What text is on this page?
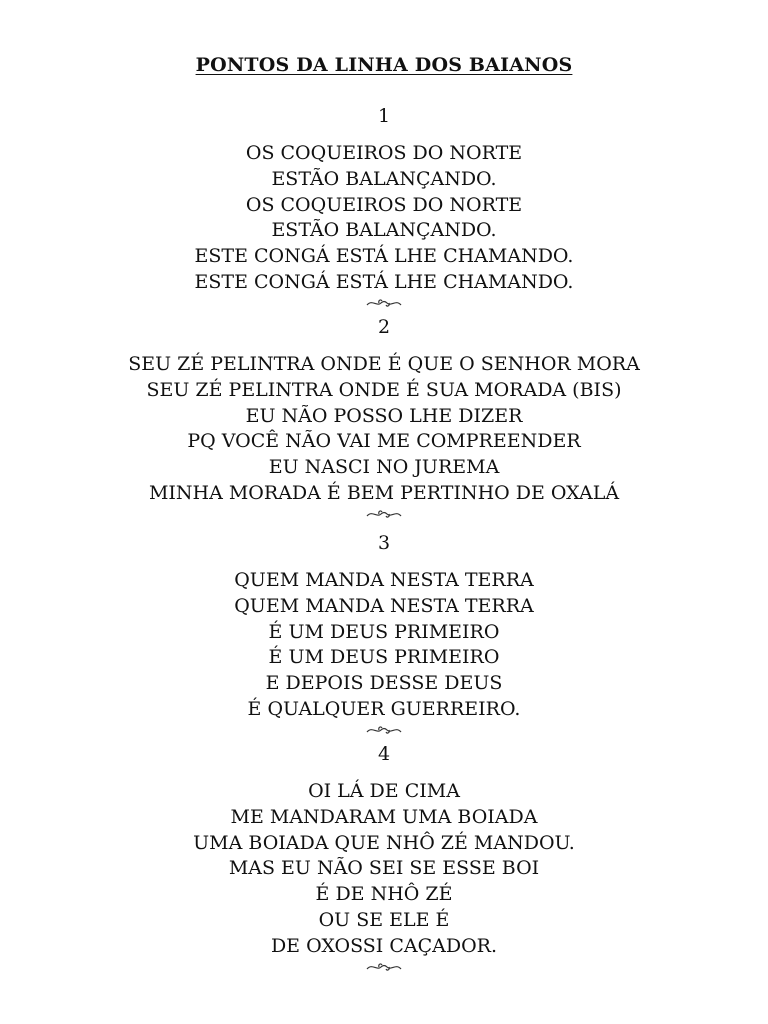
PONTOS DA LINHA DOS BAIANOS
1
OS COQUEIROS DO NORTE
ESTÃO BALANÇANDO.
OS COQUEIROS DO NORTE
ESTÃO BALANÇANDO.
ESTE CONGÁ ESTÁ LHE CHAMANDO.
ESTE CONGÁ ESTÁ LHE CHAMANDO.
2
SEU ZÉ PELINTRA ONDE É QUE O SENHOR MORA
SEU ZÉ PELINTRA ONDE É SUA MORADA (BIS)
EU NÃO POSSO LHE DIZER
PQ VOCÊ NÃO VAI ME COMPREENDER
EU NASCI NO JUREMA
MINHA MORADA É BEM PERTINHO DE OXALÁ
3
QUEM MANDA NESTA TERRA
QUEM MANDA NESTA TERRA
É UM DEUS PRIMEIRO
É UM DEUS PRIMEIRO
E DEPOIS DESSE DEUS
É QUALQUER GUERREIRO.
4
OI LÁ DE CIMA
ME MANDARAM UMA BOIADA
UMA BOIADA QUE NHÔ ZÉ MANDOU.
MAS EU NÃO SEI SE ESSE BOI
É DE NHÔ ZÉ
OU SE ELE É
DE OXOSSI CAÇADOR.
